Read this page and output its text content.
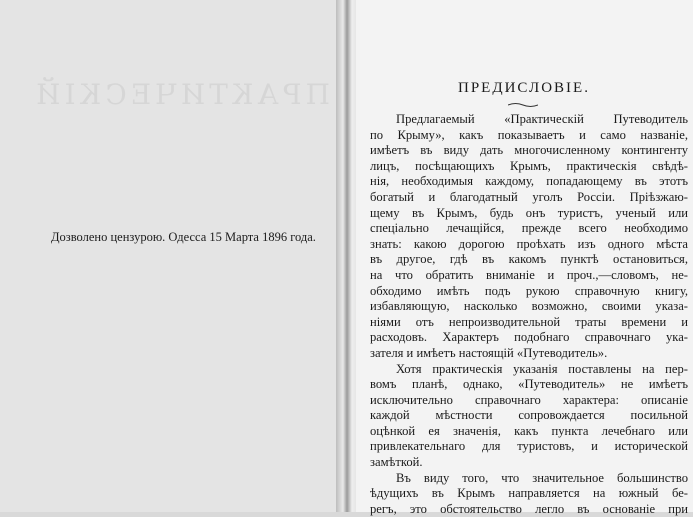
ПРАКТИЧЕСКІЙ
Дозволено цензурою. Одесса 15 Марта 1896 года.
ПРЕДИСЛОВІЕ.
Предлагаемый «Практическій Путеводитель
по Крыму», какъ показываетъ и само названіе,
имѣетъ въ виду дать многочисленному контингенту
лицъ, посѣщающихъ Крымъ, практическія свѣдѣ-
нія, необходимыя каждому, попадающему въ этотъ
богатый и благодатный уголъ Россіи. Пріѣзжаю-
щему въ Крымъ, будь онъ туристъ, ученый или
спеціально лечащійся, прежде всего необходимо
знать: какою дорогою проѣхать изъ одного мѣста
въ другое, гдѣ въ какомъ пунктѣ остановиться,
на что обратить вниманіе и проч.,—словомъ, не-
обходимо имѣть подъ рукою справочную книгу,
избавляющую, насколько возможно, своими указа-
ніями отъ непроизводительной траты времени и
расходовъ. Характеръ подобнаго справочнаго ука-
зателя и имѣетъ настоящій «Путеводитель».
Хотя практическія указанія поставлены на пер-
вомъ планѣ, однако, «Путеводитель» не имѣетъ
исключительно справочнаго характера: описаніе
каждой мѣстности сопровождается посильной
оцѣнкой ея значенія, какъ пункта лечебнаго или
привлекательнаго для туристовъ, и исторической
замѣткой.
Въ виду того, что значительное большинство
ѣдущихъ въ Крымъ направляется на южный бе-
регъ, это обстоятельство легло въ основаніе при
